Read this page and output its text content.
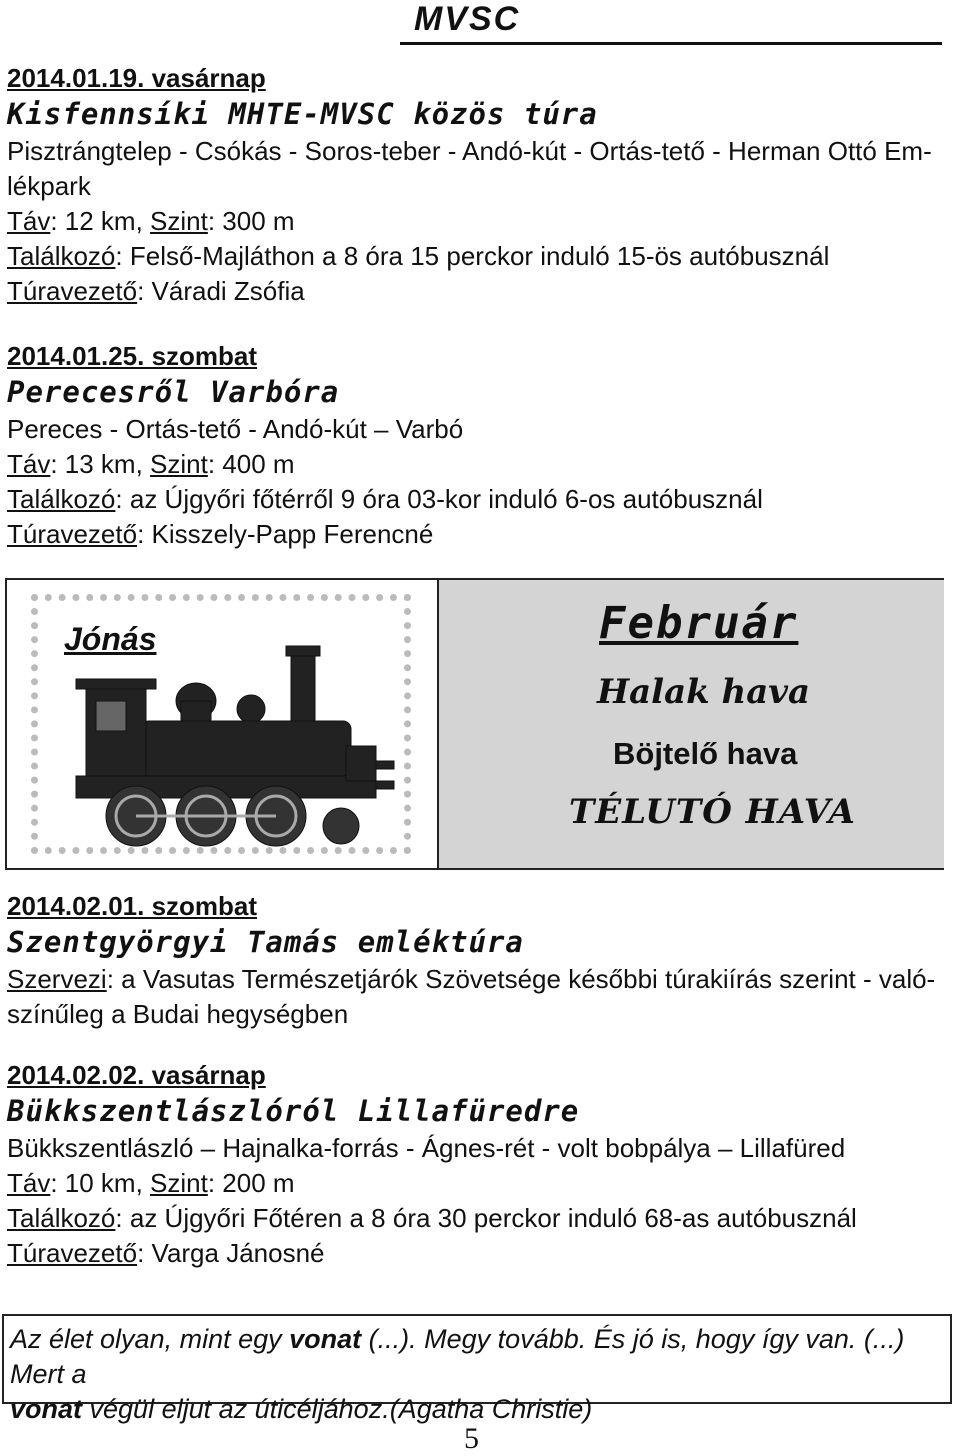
MVSC
2014.01.19. vasárnap
Kisfennsíki MHTE-MVSC közös túra
Pisztrángtelep - Csókás - Soros-teber - Andó-kút - Ortás-tető - Herman Ottó Em-
lékpark
Táv: 12 km, Szint: 300 m
Találkozó: Felső-Majláthon a 8 óra 15 perckor induló 15-ös autóbusznál
Túravezető: Váradi Zsófia
2014.01.25. szombat
Perecesről Varbóra
Pereces - Ortás-tető - Andó-kút – Varbó
Táv: 13 km, Szint: 400 m
Találkozó: az Újgyőri főtérről 9 óra 03-kor induló 6-os autóbusznál
Túravezető: Kisszely-Papp Ferencné
Jónás	Február
Halak hava
Böjtelő hava
TÉLUTÓ HAVA
2014.02.01. szombat
Szentgyörgyi Tamás emléktúra
Szervezi: a Vasutas Természetjárók Szövetsége későbbi túrakiírás szerint - való-
színűleg a Budai hegységben
2014.02.02. vasárnap
Bükkszentlászlóról Lillafüredre
Bükkszentlászló – Hajnalka-forrás - Ágnes-rét - volt bobpálya – Lillafüred
Táv: 10 km, Szint: 200 m
Találkozó: az Újgyőri Főtéren a 8 óra 30 perckor induló 68-as autóbusznál
Túravezető: Varga Jánosné
Az élet olyan, mint egy vonat (...). Megy tovább. És jó is, hogy így van. (...) Mert a
vonat végül eljut az úticéljához.(Agatha Christie)
5
